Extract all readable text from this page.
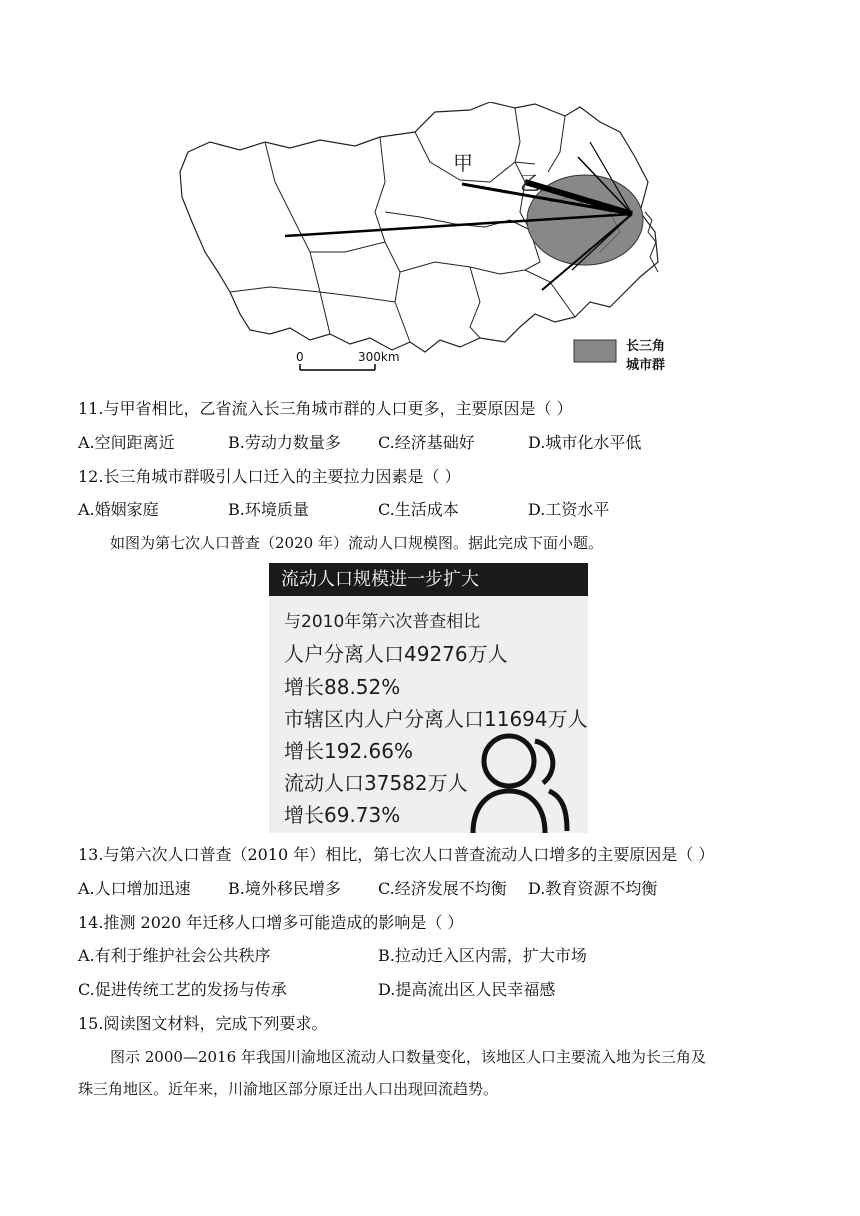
甲
乙
0	300km
长三角
城市群
11.与甲省相比，乙省流入长三角城市群的人口更多，主要原因是（ ）
A.空间距离近	B.劳动力数量多 C.经济基础好	D.城市化水平低
12.长三角城市群吸引人口迁入的主要拉力因素是（ ）
A.婚姻家庭	B.环境质量	C.生活成本	D.工资水平
如图为第七次人口普查（2020 年）流动人口规模图。据此完成下面小题。
流动人口规模进一步扩大
与2010年第六次普查相比
人户分离人口49276万人
增长88.52%
市辖区内人户分离人口11694万人
增长192.66%
流动人口37582万人
增长69.73%
13.与第六次人口普查（2010 年）相比，第七次人口普查流动人口增多的主要原因是（ ）
A.人口增加迅速 B.境外移民增多 C.经济发展不均衡 D.教育资源不均衡
14.推测 2020 年迁移人口增多可能造成的影响是（ ）
A.有利于维护社会公共秩序	B.拉动迁入区内需，扩大市场
C.促进传统工艺的发扬与传承	D.提高流出区人民幸福感
15.阅读图文材料，完成下列要求。
图示 2000—2016 年我国川渝地区流动人口数量变化，该地区人口主要流入地为长三角及
珠三角地区。近年来，川渝地区部分原迁出人口出现回流趋势。
